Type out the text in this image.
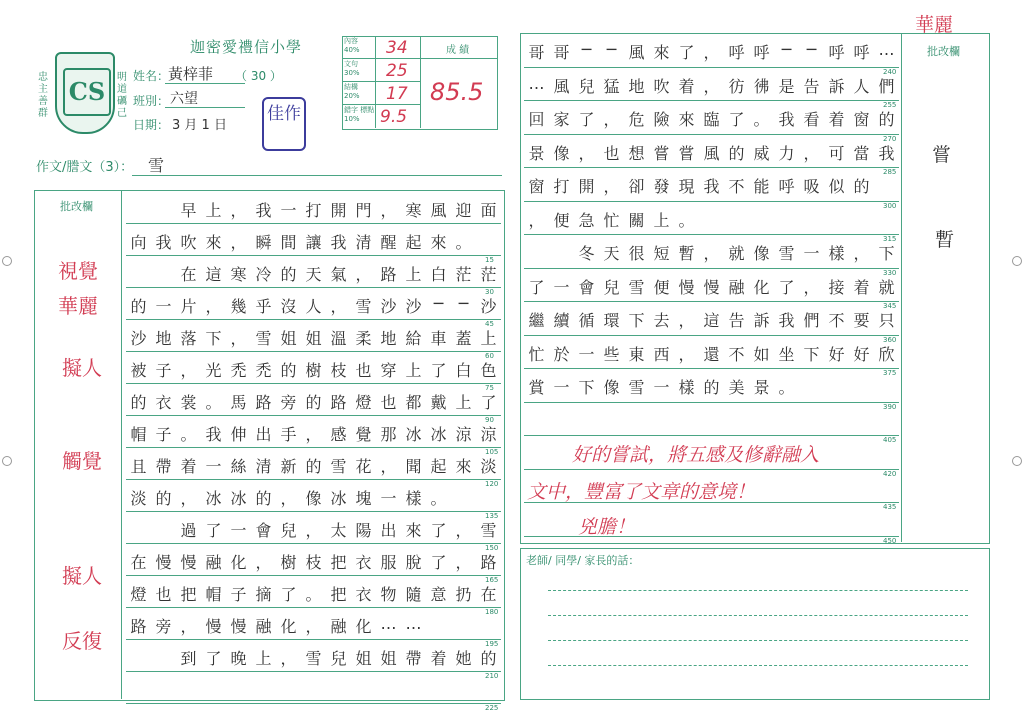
CS
忠主善群
明道礪己
迦密愛禮信小學
姓名：
黃梓菲 （ 30 ）
班別： 六望
日期： 3 月 1 日
佳作
內容
40%
文句
30%
結構
20%
錯字 標點
10%
34
25
17
9.5
成 績
85.5
作文/謄文（3）： 雪
批改欄

　	早 上 ， 我 一 打 開 門 ， 寒 風 迎 面
向 我 吹 來 ， 瞬 間 讓 我 清 醒 起 來 。
15

在 這 寒 冷 的 天 氣 ， 路 上 白 茫 茫
30
的 一 片 ， 幾 乎 沒 人 ， 雪 沙 沙 ─ ─ 沙
45
沙 地 落 下 ， 雪 姐 姐 溫 柔 地 給 車 蓋 上
60
被 子 ， 光 禿 禿 的 樹 枝 也 穿 上 了 白 色
75
的 衣 裳 。 馬 路 旁 的 路 燈 也 都 戴 上 了
90
帽 子 。 我 伸 出 手 ， 感 覺 那 冰 冰 涼 涼
105
且 帶 着 一 絲 清 新 的 雪 花 ， 聞 起 來 淡
120
淡 的 ， 冰 冰 的 ， 像 冰 塊 一 樣 。
135

過 了 一 會 兒 ， 太 陽 出 來 了 ， 雪
150
在 慢 慢 融 化 ， 樹 枝 把 衣 服 脫 了 ， 路
165
燈 也 把 帽 子 摘 了 。 把 衣 物 隨 意 扔 在
180
路 旁 ， 慢 慢 融 化 ， 融 化 … …
195

到 了 晚 上 ， 雪 兒 姐 姐 帶 着 她 的
210
225
視覺
華麗
擬人
觸覺
擬人
反復
批改欄
哥 哥 ─ ─ 風 來 了 ， 呼 呼 ─ ─ 呼 呼 …
240
… 風 兒 猛 地 吹 着 ， 彷 彿 是 告 訴 人 們
255
回 家 了 ， 危 險 來 臨 了 。 我 看 着 窗 的
270
景 像 ， 也 想 嘗 嘗 風 的 威 力 ， 可 當 我
285
窗 打 開 ， 卻 發 現 我 不 能 呼 吸 似 的
300
， 便 急 忙 關 上 。
315

冬 天 很 短 暫 ， 就 像 雪 一 樣 ， 下
330
了 一 會 兒 雪 便 慢 慢 融 化 了 ， 接 着 就
345
繼 續 循 環 下 去 ， 這 告 訴 我 們 不 要 只
360
忙 於 一 些 東 西 ， 還 不 如 坐 下 好 好 欣
375
賞 一 下 像 雪 一 樣 的 美 景 。
390
405
420
435
450
華麗
嘗
暫
好的嘗試，將五感及修辭融入
文中，豐富了文章的意境！
兇膽！
老師/ 同學/ 家長的話：
